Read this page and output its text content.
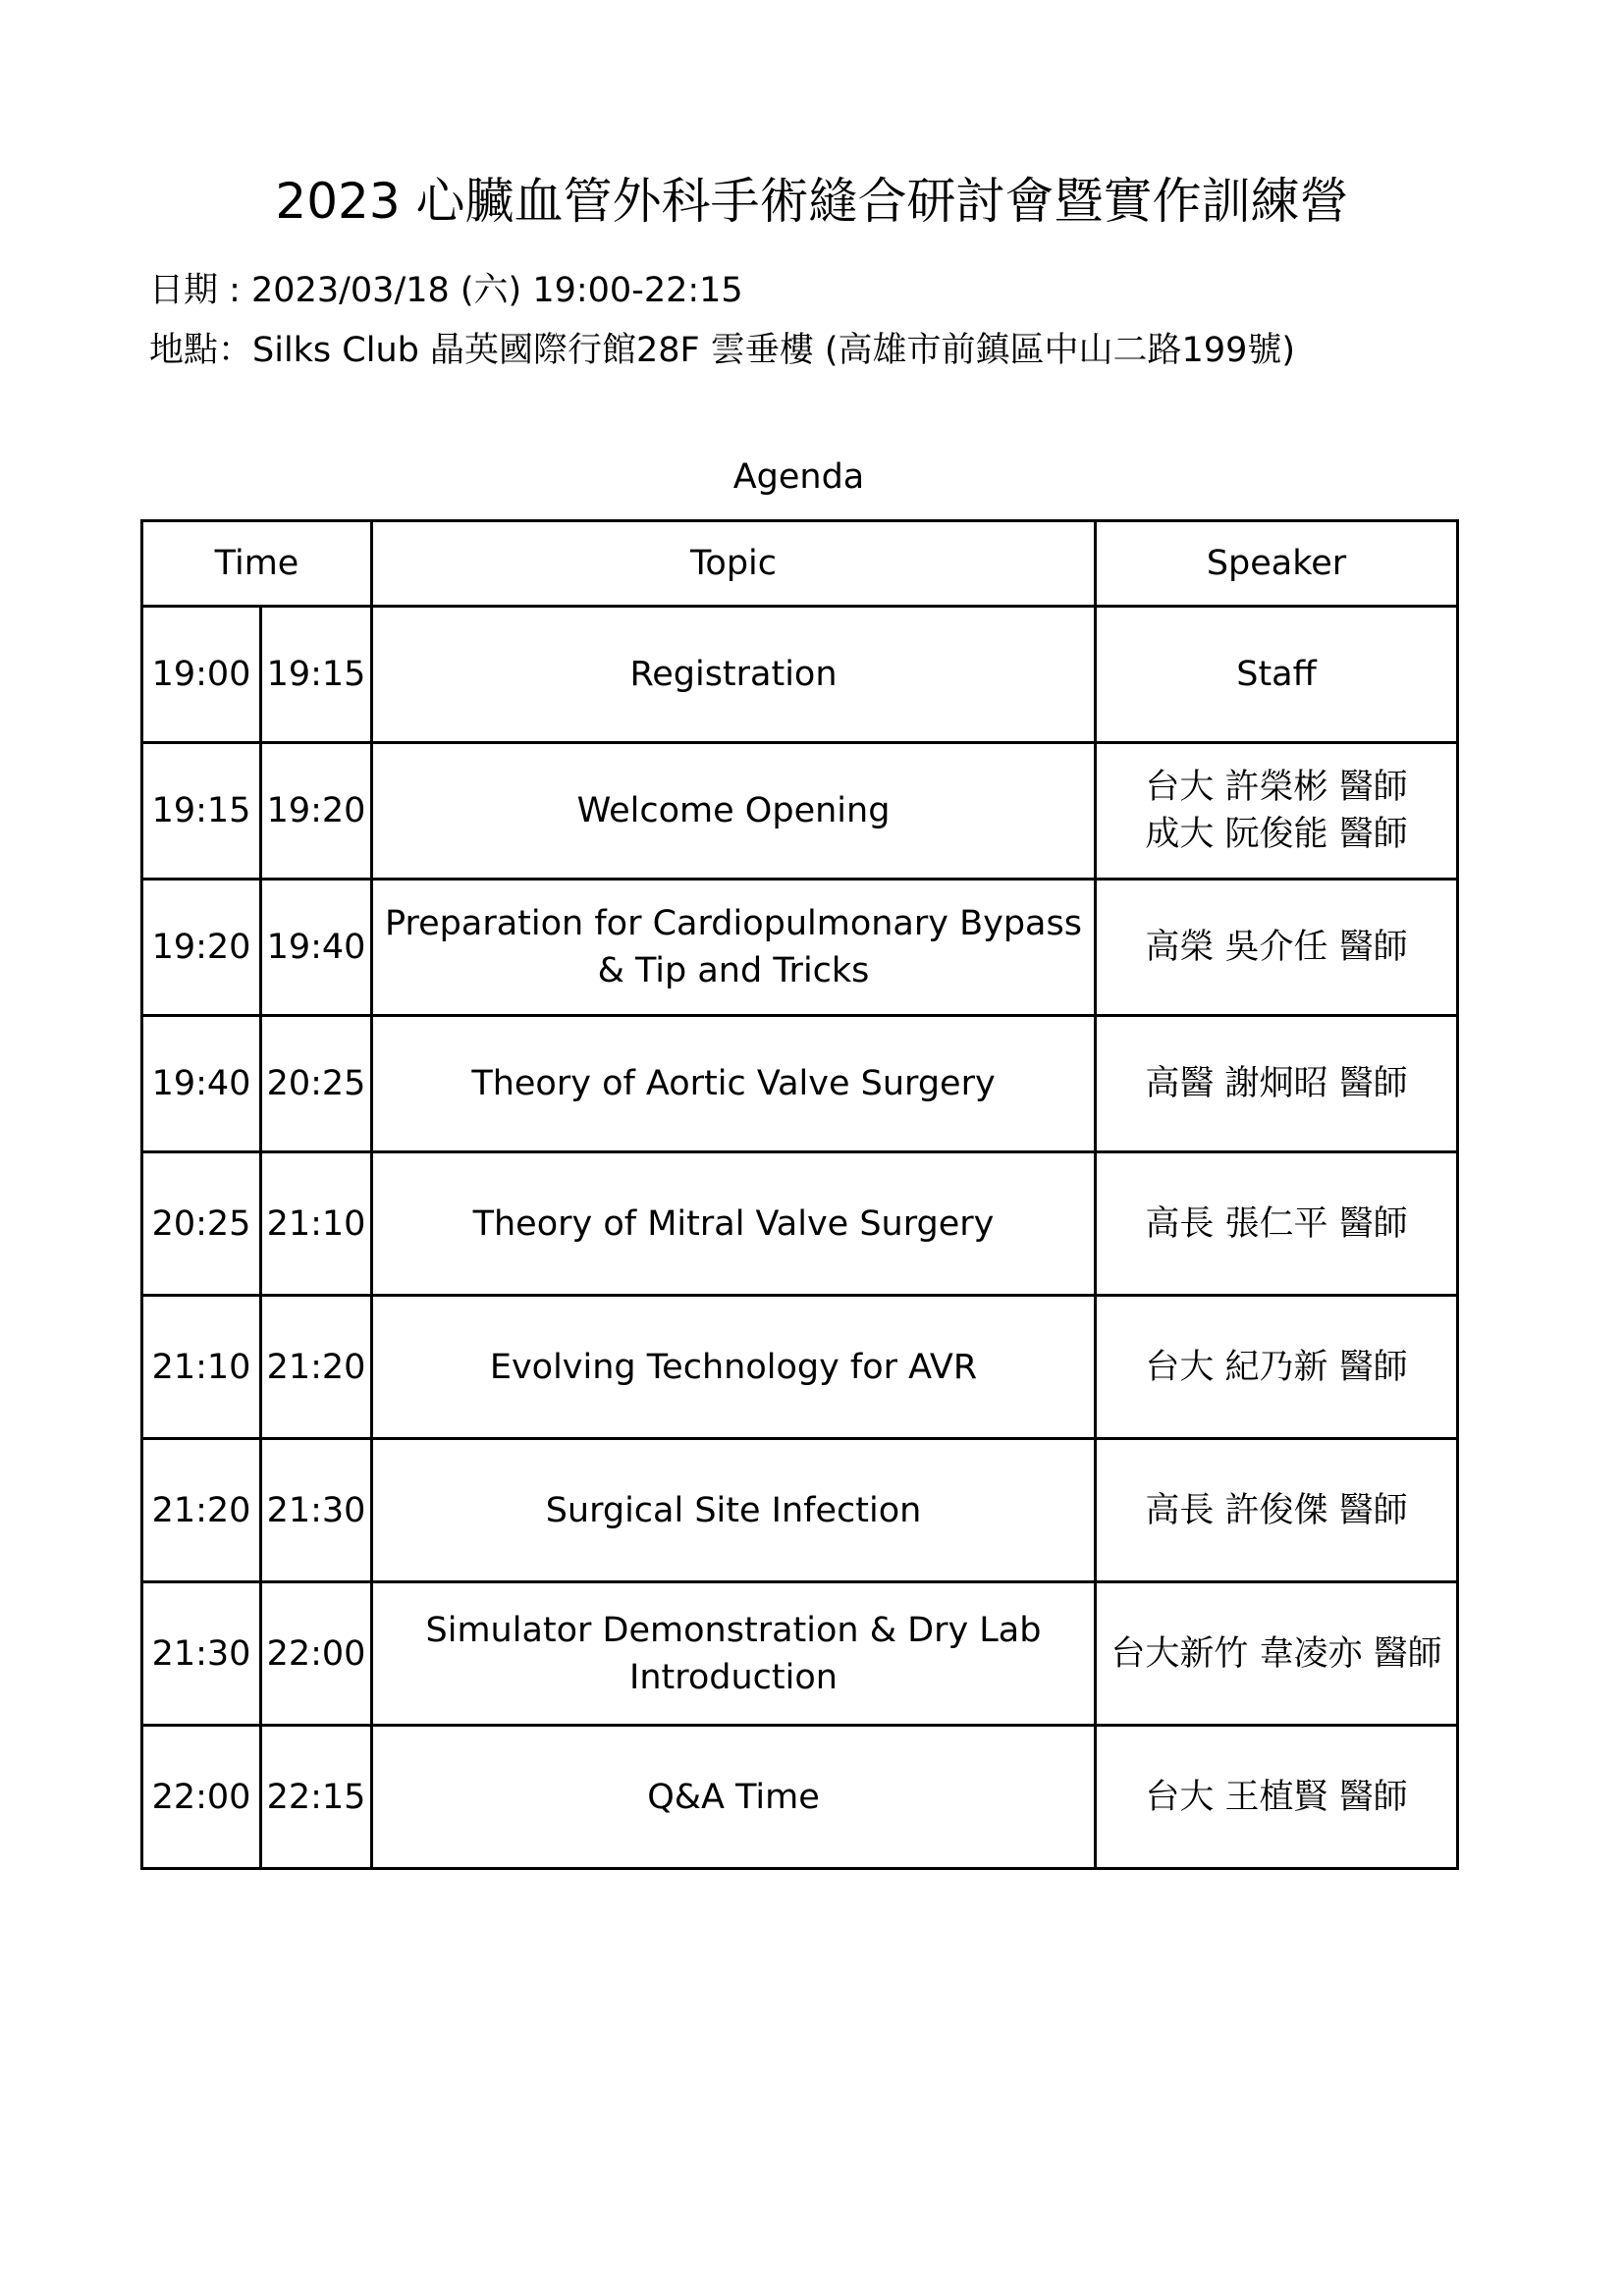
2023 心臟血管外科手術縫合研討會暨實作訓練營
日期 : 2023/03/18 (六) 19:00-22:15
地點：Silks Club 晶英國際行館28F 雲垂樓 (高雄市前鎮區中山二路199號)
Agenda
Time		Topic	Speaker
19:00	19:15	Registration	Staff

19:15	19:20	Welcome Opening	台大 許榮彬 醫師
成大 阮俊能 醫師

19:20	19:40	Preparation for Cardiopulmonary Bypass & Tip and Tricks	高榮 吳介任 醫師

19:40	20:25	Theory of Aortic Valve Surgery	高醫 謝炯昭 醫師

20:25	21:10	Theory of Mitral Valve Surgery	高長 張仁平 醫師

21:10	21:20	Evolving Technology for AVR	台大 紀乃新 醫師

21:20	21:30	Surgical Site Infection	高長 許俊傑 醫師

21:30	22:00	Simulator Demonstration & Dry Lab Introduction	台大新竹 韋凌亦 醫師

22:00	22:15	Q&A Time	台大 王植賢 醫師
